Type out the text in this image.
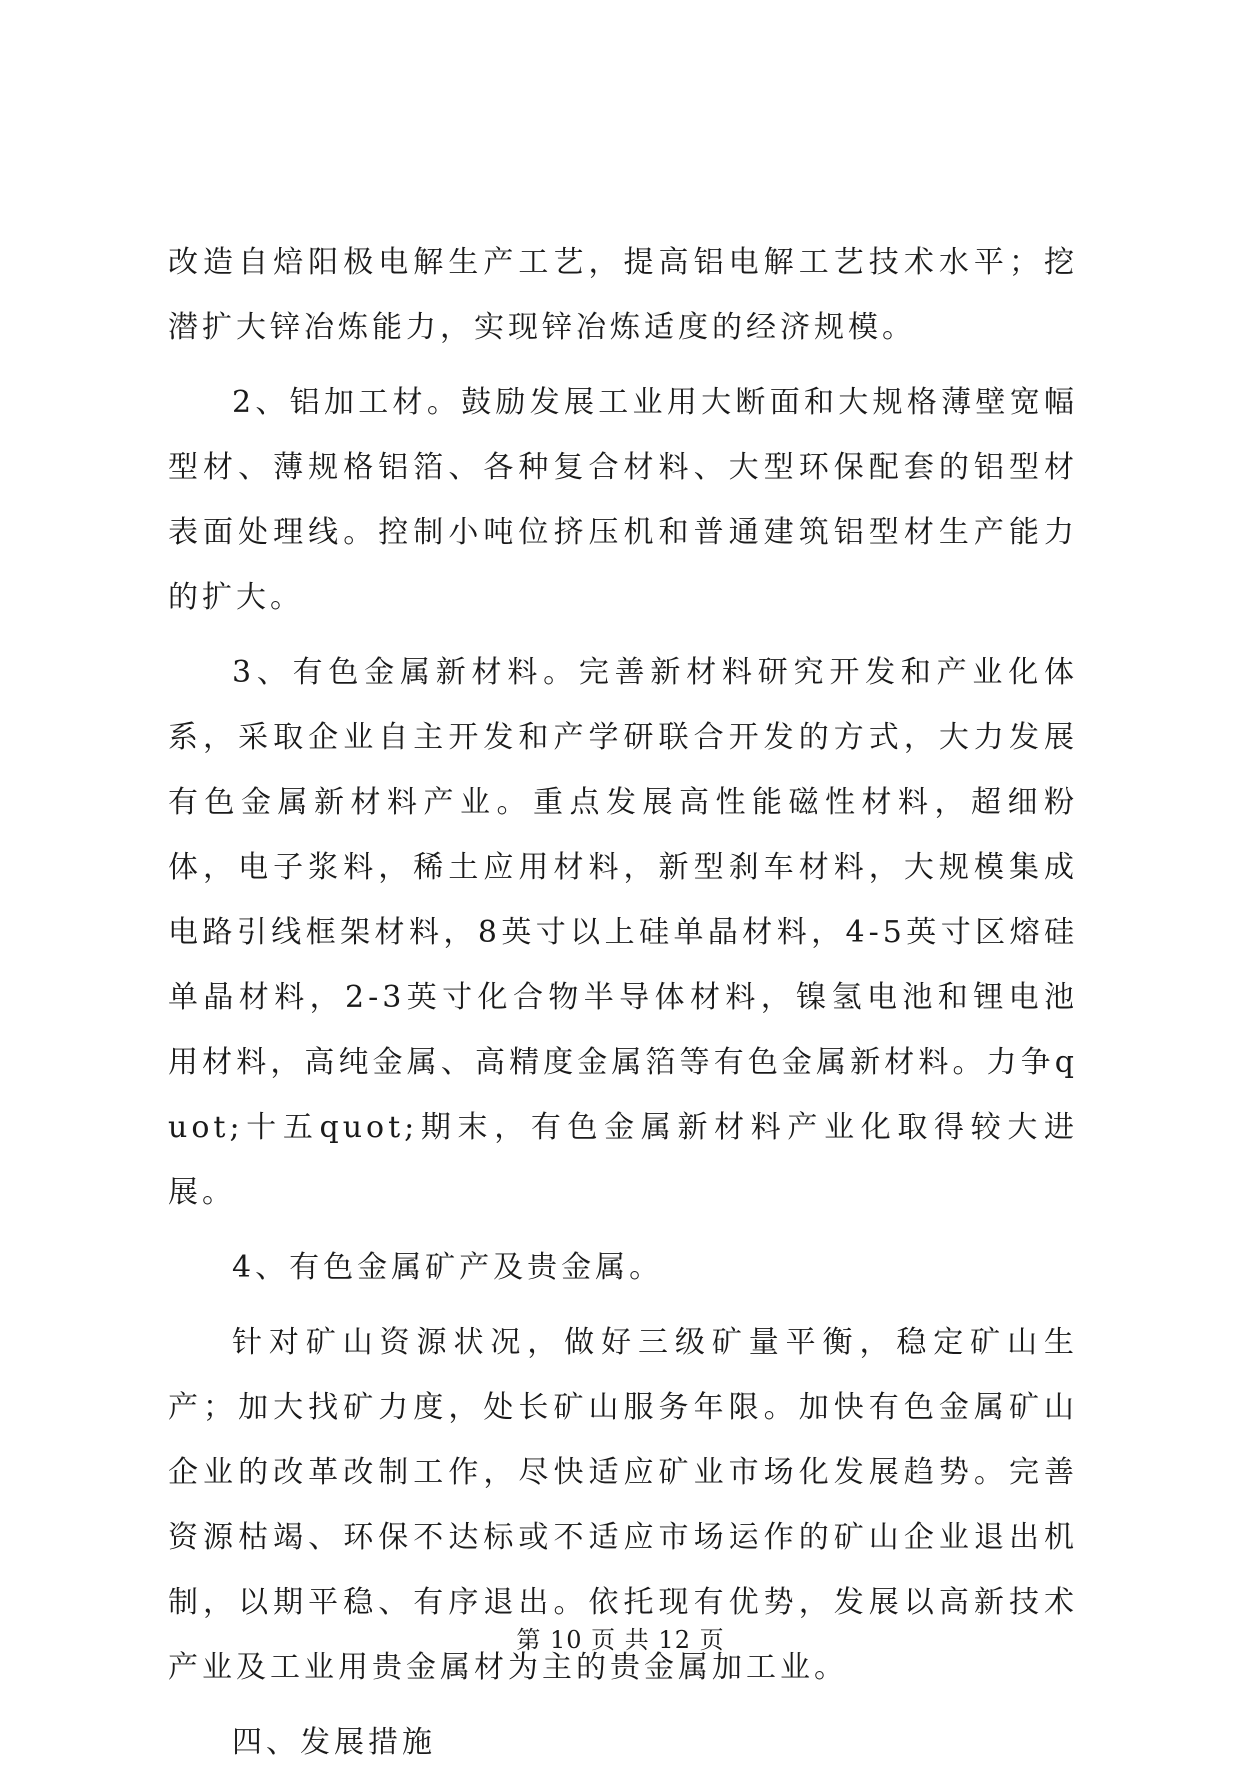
改造自焙阳极电解生产工艺，提高铝电解工艺技术水平；挖潜扩大锌冶炼能力，实现锌冶炼适度的经济规模。

2、铝加工材。鼓励发展工业用大断面和大规格薄壁宽幅型材、薄规格铝箔、各种复合材料、大型环保配套的铝型材表面处理线。控制小吨位挤压机和普通建筑铝型材生产能力的扩大。

3、有色金属新材料。完善新材料研究开发和产业化体系，采取企业自主开发和产学研联合开发的方式，大力发展有色金属新材料产业。重点发展高性能磁性材料，超细粉体，电子浆料，稀土应用材料，新型刹车材料，大规模集成电路引线框架材料，8英寸以上硅单晶材料，4-5英寸区熔硅单晶材料，2-3英寸化合物半导体材料，镍氢电池和锂电池用材料，高纯金属、高精度金属箔等有色金属新材料。力争quot;十五quot;期末，有色金属新材料产业化取得较大进展。

4、有色金属矿产及贵金属。

针对矿山资源状况，做好三级矿量平衡，稳定矿山生产；加大找矿力度，处长矿山服务年限。加快有色金属矿山企业的改革改制工作，尽快适应矿业市场化发展趋势。完善资源枯竭、环保不达标或不适应市场运作的矿山企业退出机制，以期平稳、有序退出。依托现有优势，发展以高新技术产业及工业用贵金属材为主的贵金属加工业。

四、发展措施

第 10 页 共 12 页
